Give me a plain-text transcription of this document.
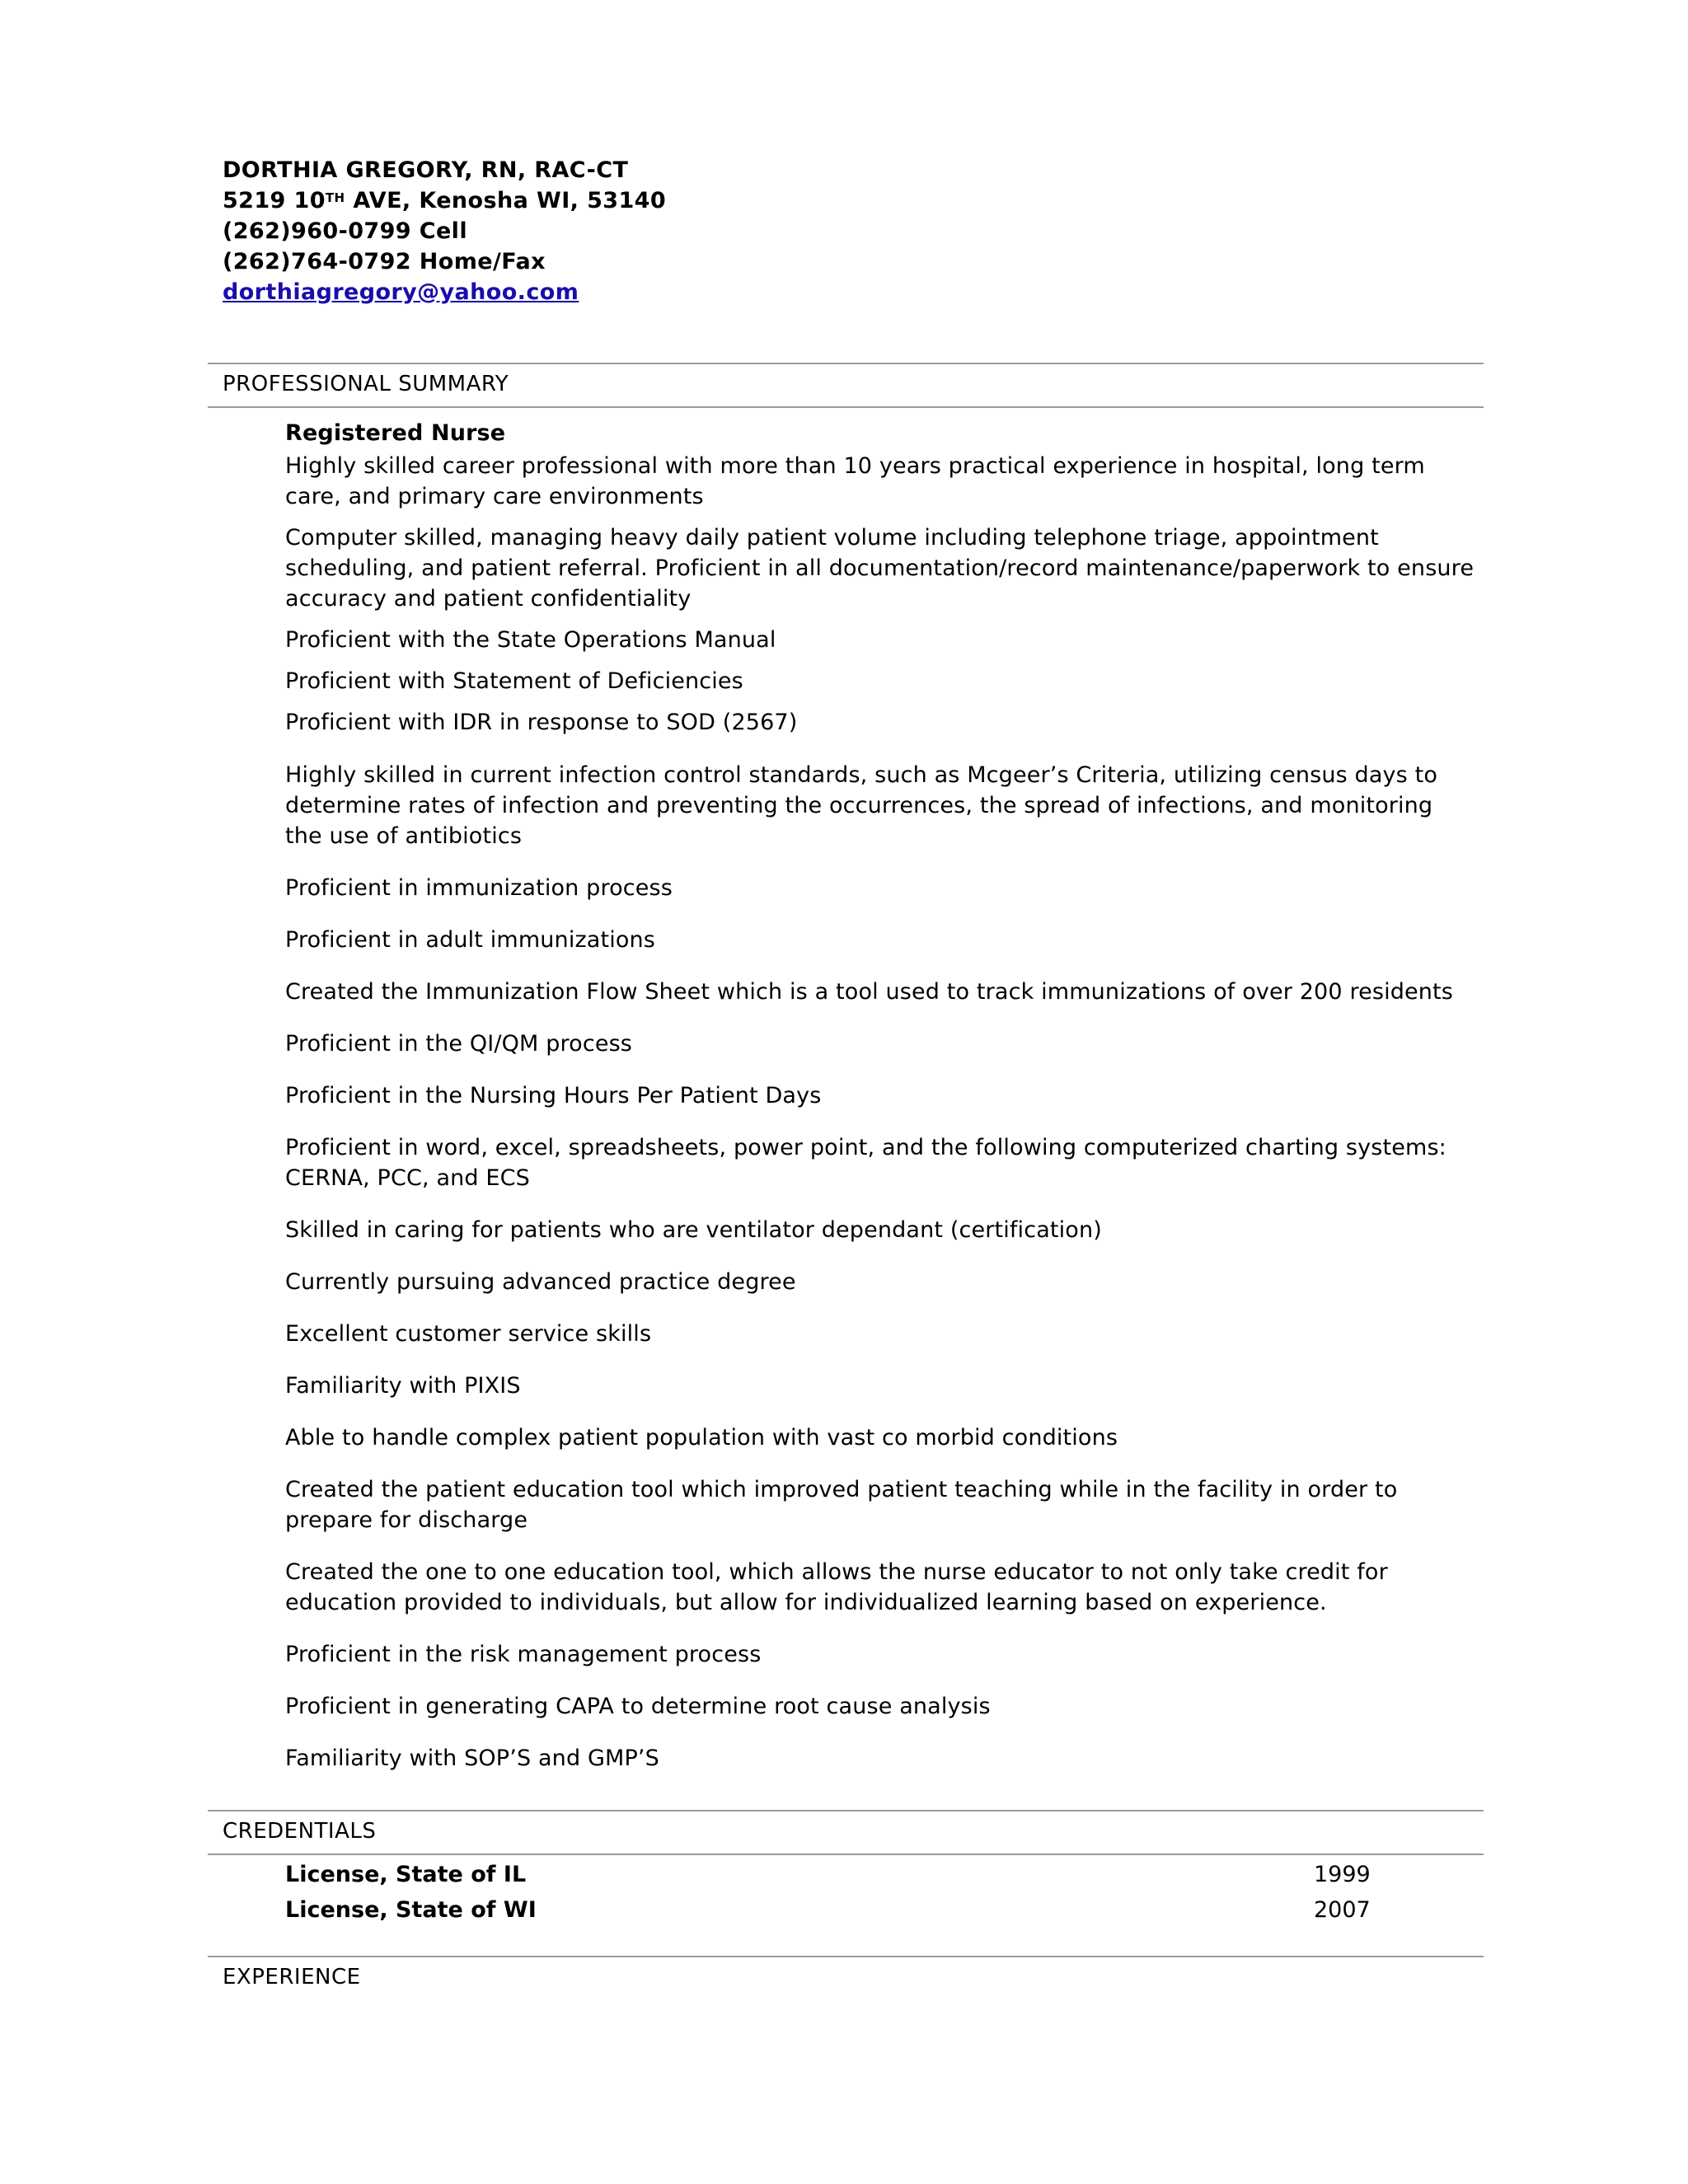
DORTHIA GREGORY, RN, RAC-CT
5219 10TH AVE, Kenosha WI, 53140
(262)960-0799 Cell
(262)764-0792 Home/Fax
dorthiagregory@yahoo.com
PROFESSIONAL SUMMARY
Registered Nurse

Highly skilled career professional with more than 10 years practical experience in hospital, long term care, and primary care environments

Computer skilled, managing heavy daily patient volume including telephone triage, appointment scheduling, and patient referral. Proficient in all documentation/record maintenance/paperwork to ensure accuracy and patient confidentiality

Proficient with the State Operations Manual

Proficient with Statement of Deficiencies

Proficient with IDR in response to SOD (2567)

Highly skilled in current infection control standards, such as Mcgeer’s Criteria, utilizing census days to determine rates of infection and preventing the occurrences, the spread of infections, and monitoring the use of antibiotics

Proficient in immunization process

Proficient in adult immunizations

Created the Immunization Flow Sheet which is a tool used to track immunizations of over 200 residents

Proficient in the QI/QM process

Proficient in the Nursing Hours Per Patient Days

Proficient in word, excel, spreadsheets, power point, and the following computerized charting systems: CERNA, PCC, and ECS

Skilled in caring for patients who are ventilator dependant (certification)

Currently pursuing advanced practice degree

Excellent customer service skills

Familiarity with PIXIS

Able to handle complex patient population with vast co morbid conditions

Created the patient education tool which improved patient teaching while in the facility in order to prepare for discharge

Created the one to one education tool, which allows the nurse educator to not only take credit for education provided to individuals, but allow for individualized learning based on experience.

Proficient in the risk management process

Proficient in generating CAPA to determine root cause analysis

Familiarity with SOP’S and GMP’S

CREDENTIALS
License, State of IL	1999
License, State of WI	2007
EXPERIENCE
